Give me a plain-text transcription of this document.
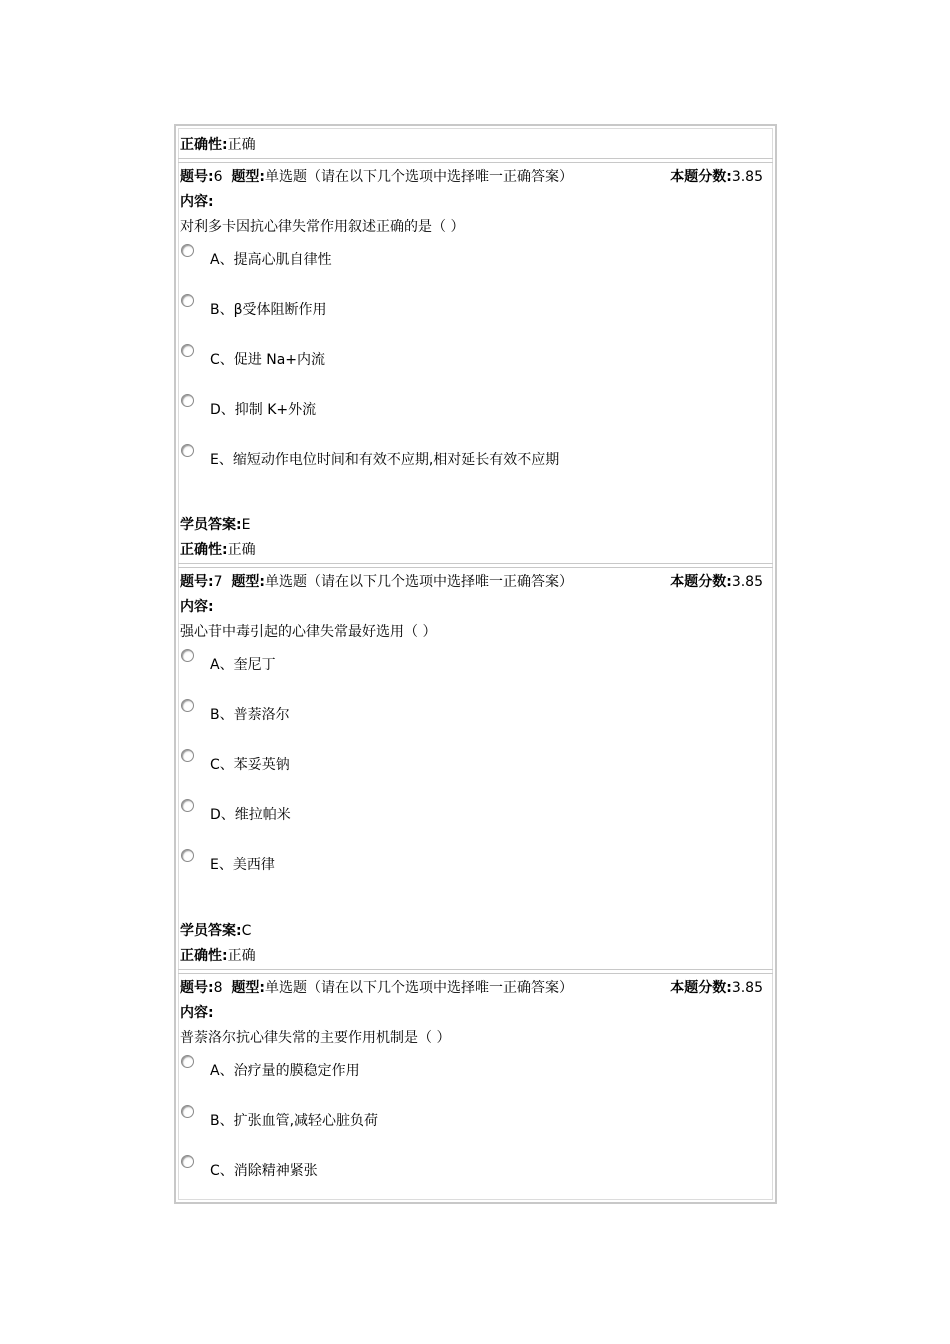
正确性:正确
题号:6 题型:单选题（请在以下几个选项中选择唯一正确答案）	本题分数:3.85
内容:
对利多卡因抗心律失常作用叙述正确的是（ ）
A、提高心肌自律性
B、β受体阻断作用
C、促进 Na+内流
D、抑制 K+外流
E、缩短动作电位时间和有效不应期,相对延长有效不应期
学员答案:E
正确性:正确
题号:7 题型:单选题（请在以下几个选项中选择唯一正确答案）	本题分数:3.85
内容:
强心苷中毒引起的心律失常最好选用（ ）
A、奎尼丁
B、普萘洛尔
C、苯妥英钠
D、维拉帕米
E、美西律
学员答案:C
正确性:正确
题号:8 题型:单选题（请在以下几个选项中选择唯一正确答案）	本题分数:3.85
内容:
普萘洛尔抗心律失常的主要作用机制是（ ）
A、治疗量的膜稳定作用
B、扩张血管,减轻心脏负荷
C、消除精神紧张
